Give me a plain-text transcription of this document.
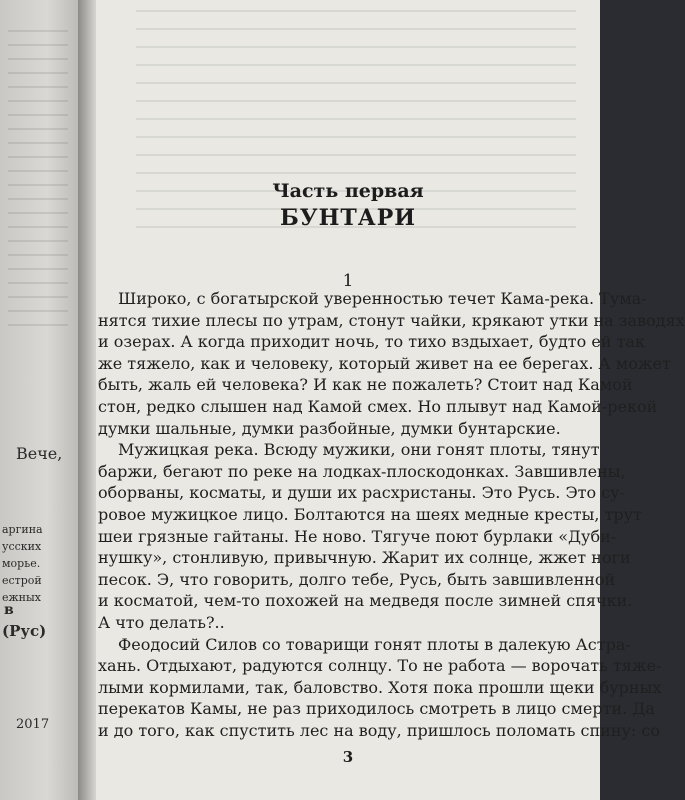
Вече,
аргина
усских
морье.
естрой
ежных
в
(Рус)
2017
Часть первая
БУНТАРИ
1
Широко, с богатырской уверенностью течет Кама-река. Тума-
нятся тихие плесы по утрам, стонут чайки, крякают утки на заводях
и озерах. А когда приходит ночь, то тихо вздыхает, будто ей так
же тяжело, как и человеку, который живет на ее берегах. А может
быть, жаль ей человека? И как не пожалеть? Стоит над Камой
стон, редко слышен над Камой смех. Но плывут над Камой-рекой
думки шальные, думки разбойные, думки бунтарские.
Мужицкая река. Всюду мужики, они гонят плоты, тянут
баржи, бегают по реке на лодках-плоскодонках. Завшивлены,
оборваны, косматы, и души их расхристаны. Это Русь. Это су-
ровое мужицкое лицо. Болтаются на шеях медные кресты, трут
шеи грязные гайтаны. Не ново. Тягуче поют бурлаки «Дуби-
нушку», стонливую, привычную. Жарит их солнце, жжет ноги
песок. Э, что говорить, долго тебе, Русь, быть завшивленной
и косматой, чем-то похожей на медведя после зимней спячки.
А что делать?..
Феодосий Силов со товарищи гонят плоты в далекую Астра-
хань. Отдыхают, радуются солнцу. То не работа — ворочать тяже-
лыми кормилами, так, баловство. Хотя пока прошли щеки бурных
перекатов Камы, не раз приходилось смотреть в лицо смерти. Да
и до того, как спустить лес на воду, пришлось поломать спину: со
3
